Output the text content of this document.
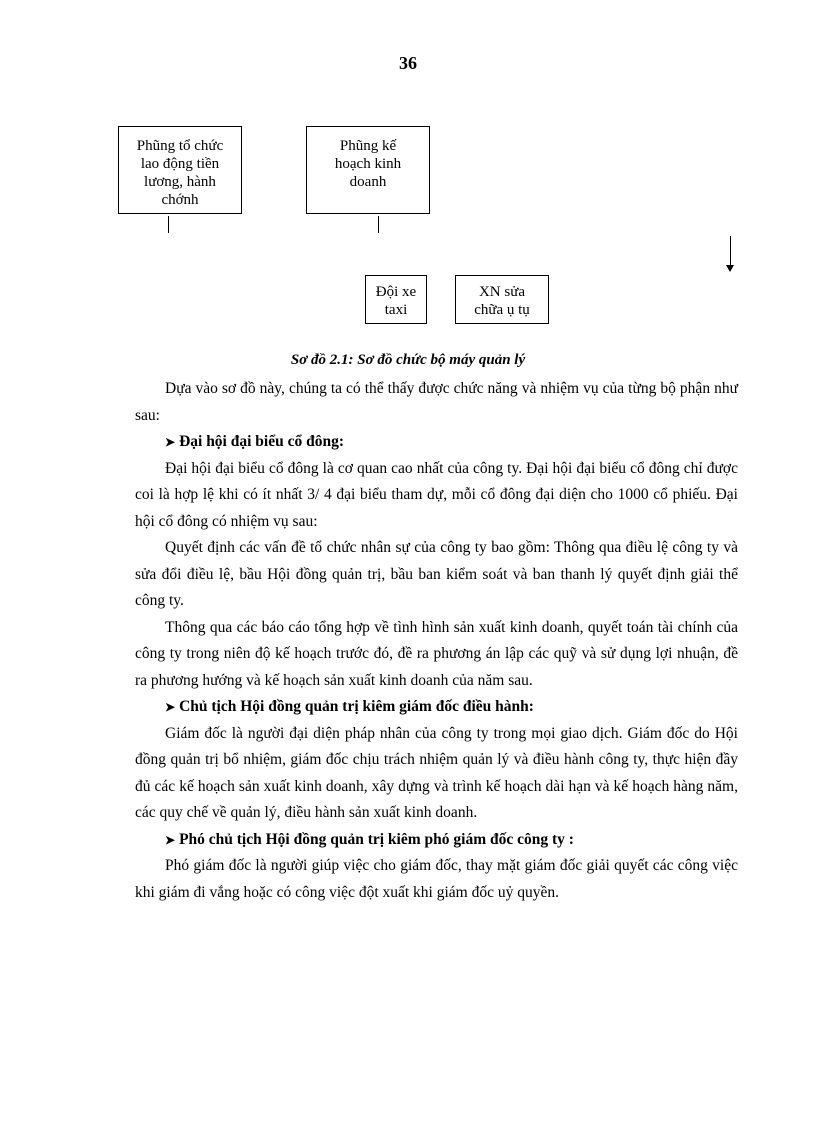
36
Phũng tổ chức
lao động tiền
lương, hành
chớnh
Phũng kế
hoạch kinh
doanh
Đội xe
taxi
XN sửa
chữa ụ tụ
Sơ đồ 2.1: Sơ đồ chức bộ máy quản lý

Dựa vào sơ đồ này, chúng ta có thể thấy được chức năng và nhiệm vụ của từng bộ phận như sau:

➤ Đại hội đại biểu cổ đông:

Đại hội đại biểu cổ đông là cơ quan cao nhất của công ty. Đại hội đại biểu cổ đông chỉ được coi là hợp lệ khi có ít nhất 3/ 4 đại biểu tham dự, mỗi cổ đông đại diện cho 1000 cổ phiếu. Đại hội cổ đông có nhiệm vụ sau:

Quyết định các vấn đề tổ chức nhân sự của công ty bao gồm: Thông qua điều lệ công ty và sửa đổi điều lệ, bầu Hội đồng quản trị, bầu ban kiểm soát và ban thanh lý quyết định giải thể công ty.

Thông qua các báo cáo tổng hợp về tình hình sản xuất kinh doanh, quyết toán tài chính của công ty trong niên độ kế hoạch trước đó, đề ra phương án lập các quỹ và sử dụng lợi nhuận, đề ra phương hướng và kế hoạch sản xuất kinh doanh của năm sau.

➤ Chủ tịch Hội đồng quản trị kiêm giám đốc điều hành:

Giám đốc là người đại diện pháp nhân của công ty trong mọi giao dịch. Giám đốc do Hội đồng quản trị bổ nhiệm, giám đốc chịu trách nhiệm quản lý và điều hành công ty, thực hiện đầy đủ các kế hoạch sản xuất kinh doanh, xây dựng và trình kế hoạch dài hạn và kế hoạch hàng năm, các quy chế về quản lý, điều hành sản xuất kinh doanh.

➤ Phó chủ tịch Hội đồng quản trị kiêm phó giám đốc công ty :

Phó giám đốc là người giúp việc cho giám đốc, thay mặt giám đốc giải quyết các công việc khi giám đi vắng hoặc có công việc đột xuất khi giám đốc uỷ quyền.
